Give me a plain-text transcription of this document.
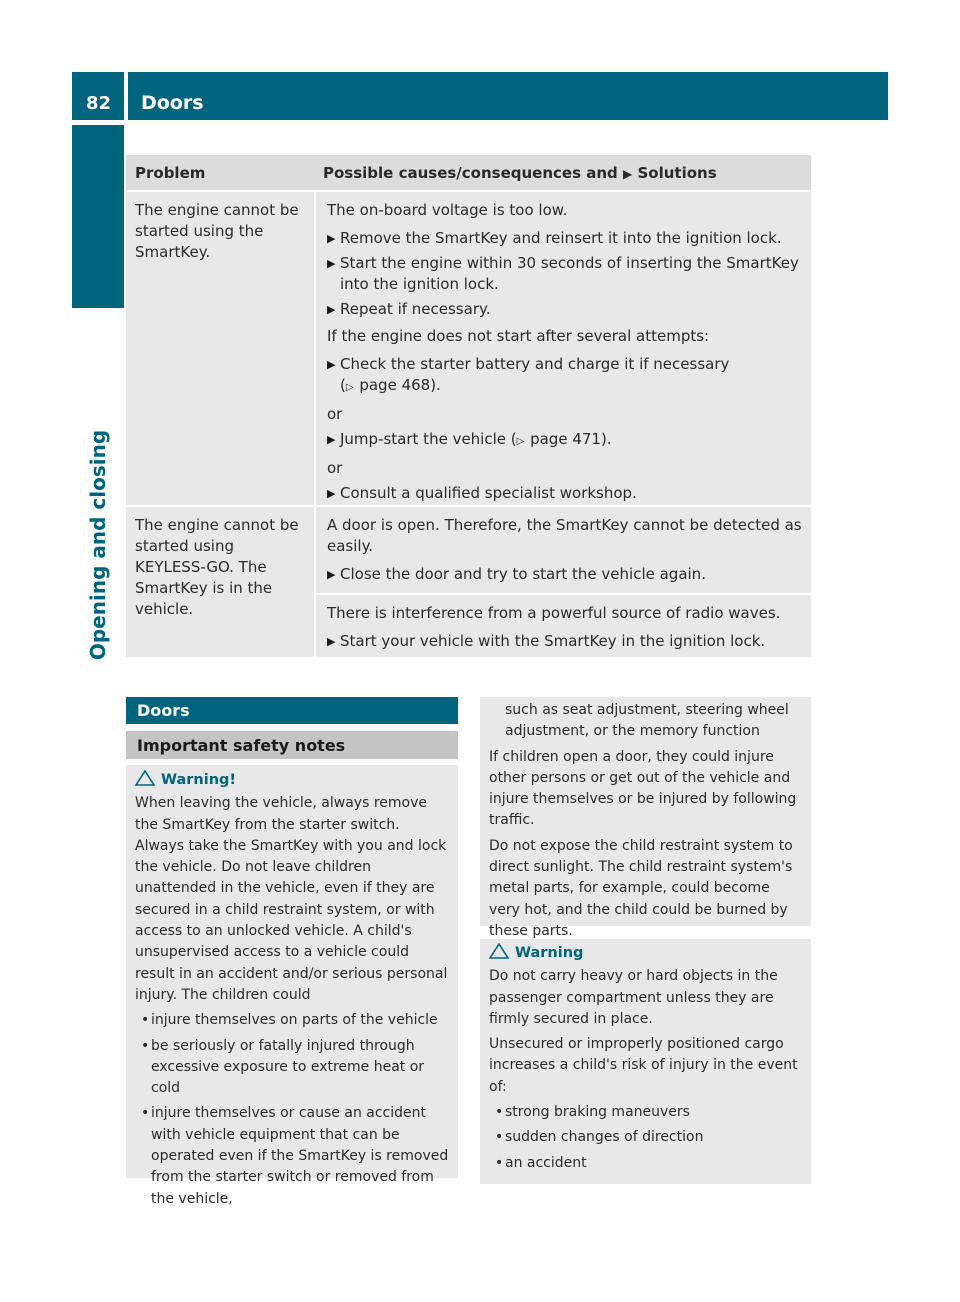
82	Doors
Opening and closing
Problem	Possible causes/consequences and ▶ Solutions
The engine cannot be started using the SmartKey.
The on-board voltage is too low.
▶ Remove the SmartKey and reinsert it into the ignition lock.
▶ Start the engine within 30 seconds of inserting the SmartKey into the ignition lock.
▶ Repeat if necessary.
If the engine does not start after several attempts:
▶ Check the starter battery and charge it if necessary
(▷ page 468).
or
▶ Jump-start the vehicle (▷ page 471).
or
▶ Consult a qualified specialist workshop.
The engine cannot be started using KEYLESS-GO. The SmartKey is in the vehicle.
A door is open. Therefore, the SmartKey cannot be detected as easily.
▶ Close the door and try to start the vehicle again.
There is interference from a powerful source of radio waves.
▶ Start your vehicle with the SmartKey in the ignition lock.
Doors
Important safety notes
Warning!
When leaving the vehicle, always remove the SmartKey from the starter switch. Always take the SmartKey with you and lock the vehicle. Do not leave children unattended in the vehicle, even if they are secured in a child restraint system, or with access to an unlocked vehicle. A child's unsupervised access to a vehicle could result in an accident and/or serious personal injury. The children could
• injure themselves on parts of the vehicle
• be seriously or fatally injured through excessive exposure to extreme heat or cold
• injure themselves or cause an accident with vehicle equipment that can be operated even if the SmartKey is removed from the starter switch or removed from the vehicle,
such as seat adjustment, steering wheel adjustment, or the memory function
If children open a door, they could injure other persons or get out of the vehicle and injure themselves or be injured by following traffic.
Do not expose the child restraint system to direct sunlight. The child restraint system's metal parts, for example, could become very hot, and the child could be burned by these parts.
Warning
Do not carry heavy or hard objects in the passenger compartment unless they are firmly secured in place.
Unsecured or improperly positioned cargo increases a child's risk of injury in the event of:
• strong braking maneuvers
• sudden changes of direction
• an accident
